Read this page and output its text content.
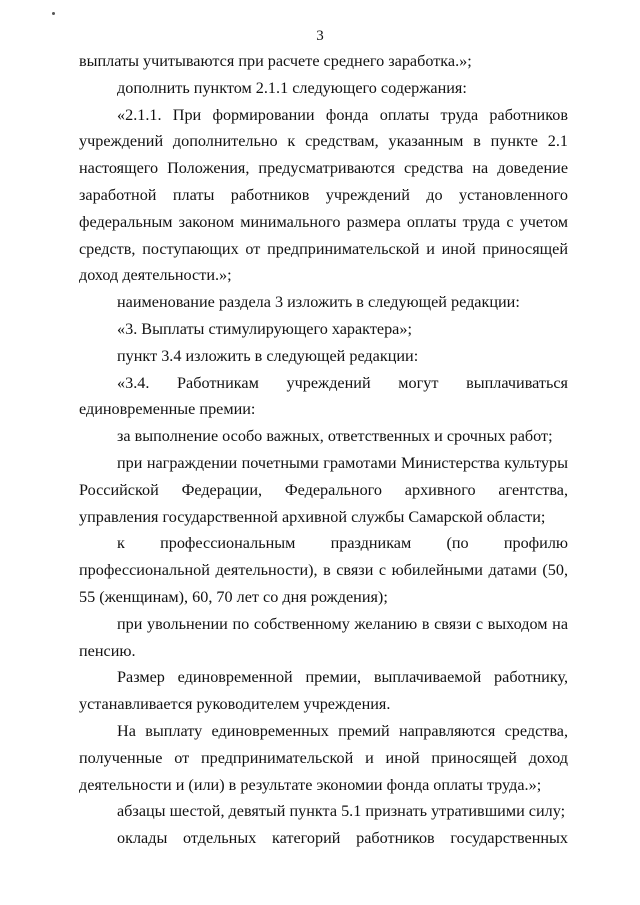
3

выплаты учитываются при расчете среднего заработка.»;

дополнить пунктом 2.1.1 следующего содержания:

«2.1.1. При формировании фонда оплаты труда работников учреждений дополнительно к средствам, указанным в пункте 2.1 настоящего Положения, предусматриваются средства на доведение заработной платы работников учреждений до установленного федеральным законом минимального размера оплаты труда с учетом средств, поступающих от предпринимательской и иной приносящей доход деятельности.»;

наименование раздела 3 изложить в следующей редакции:

«3. Выплаты стимулирующего характера»;

пункт 3.4 изложить в следующей редакции:

«3.4. Работникам учреждений могут выплачиваться единовременные премии:

за выполнение особо важных, ответственных и срочных работ;

при награждении почетными грамотами Министерства культуры Российской Федерации, Федерального архивного агентства, управления государственной архивной службы Самарской области;

к профессиональным праздникам (по профилю профессиональной деятельности), в связи с юбилейными датами (50, 55 (женщинам), 60, 70 лет со дня рождения);

при увольнении по собственному желанию в связи с выходом на пенсию.

Размер единовременной премии, выплачиваемой работнику, устанавливается руководителем учреждения.

На выплату единовременных премий направляются средства, полученные от предпринимательской и иной приносящей доход деятельности и (или) в результате экономии фонда оплаты труда.»;

абзацы шестой, девятый пункта 5.1 признать утратившими силу;

оклады отдельных категорий работников государственных
